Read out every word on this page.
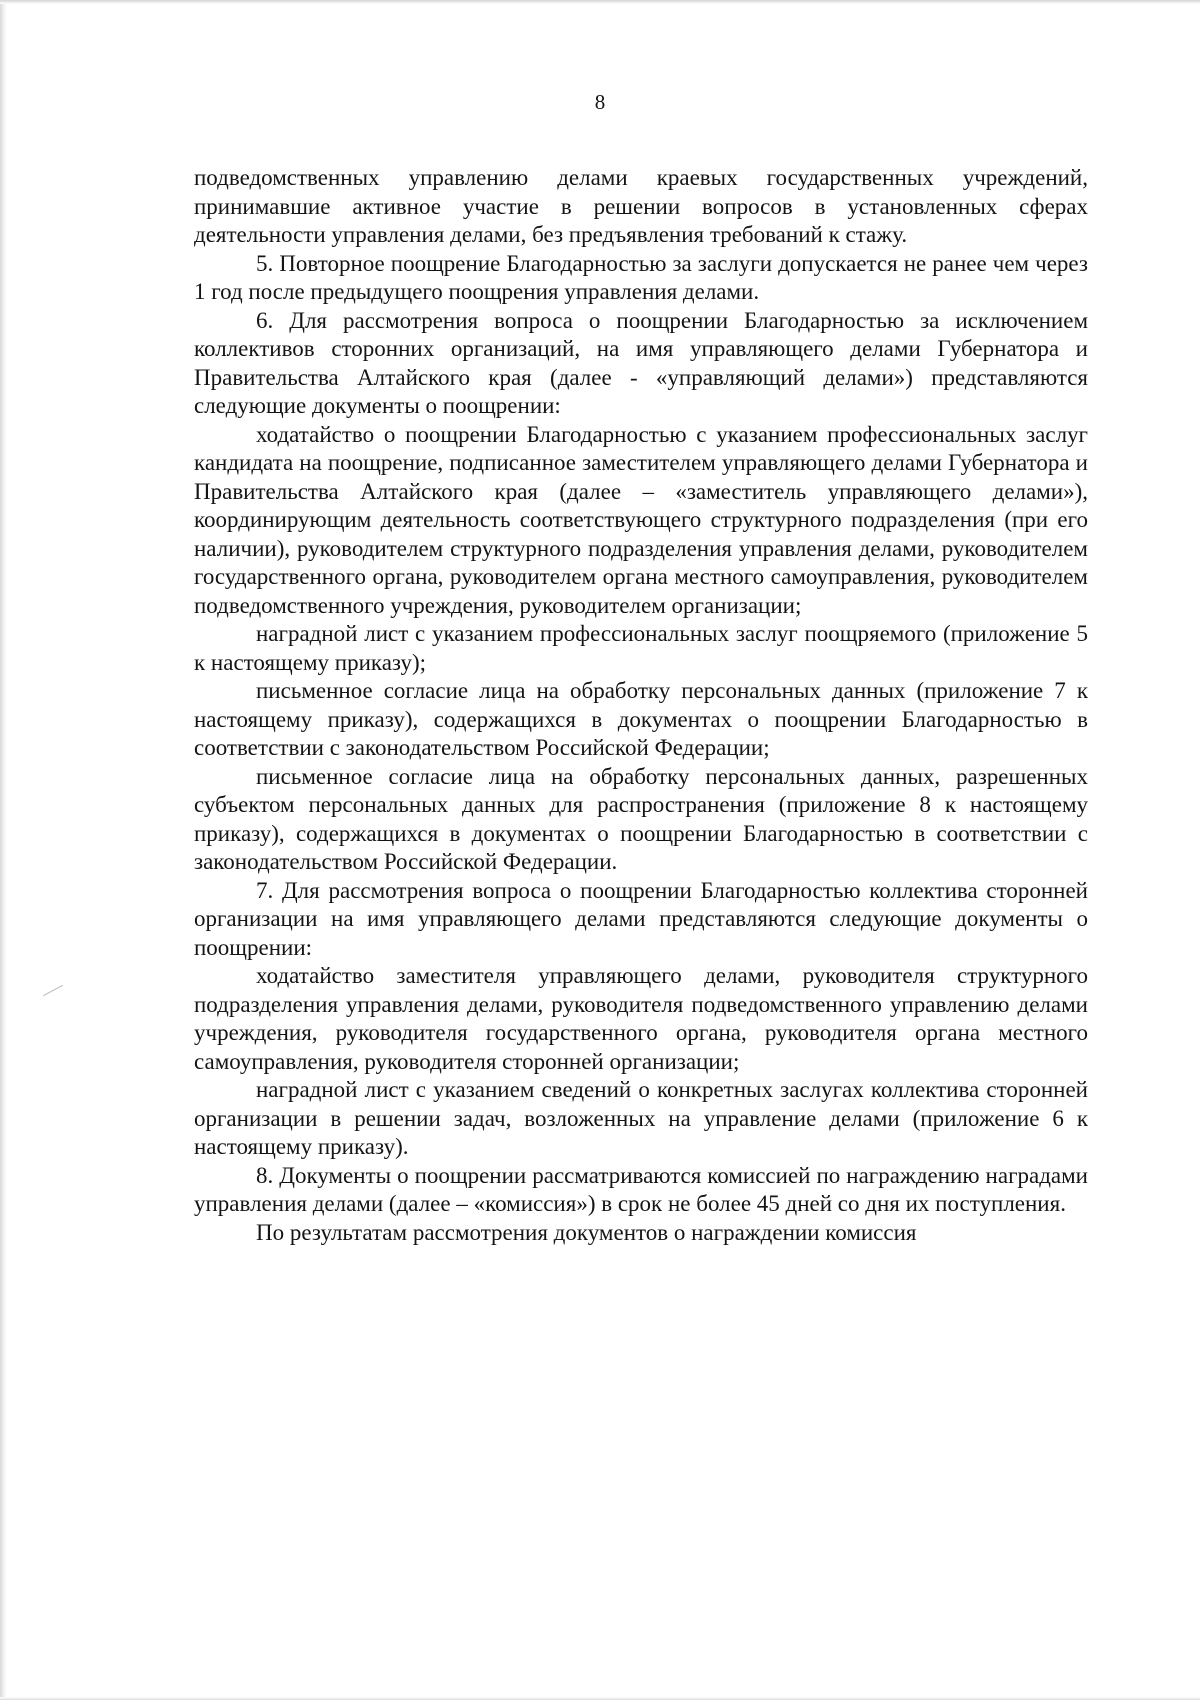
8

подведомственных управлению делами краевых государственных учреждений, принимавшие активное участие в решении вопросов в установленных сферах деятельности управления делами, без предъявления требований к стажу.

5. Повторное поощрение Благодарностью за заслуги допускается не ранее чем через 1 год после предыдущего поощрения управления делами.

6. Для рассмотрения вопроса о поощрении Благодарностью за исключением коллективов сторонних организаций, на имя управляющего делами Губернатора и Правительства Алтайского края (далее - «управляющий делами») представляются следующие документы о поощрении:

ходатайство о поощрении Благодарностью с указанием профессиональных заслуг кандидата на поощрение, подписанное заместителем управляющего делами Губернатора и Правительства Алтайского края (далее – «заместитель управляющего делами»), координирующим деятельность соответствующего структурного подразделения (при его наличии), руководителем структурного подразделения управления делами, руководителем государственного органа, руководителем органа местного самоуправления, руководителем подведомственного учреждения, руководителем организации;

наградной лист с указанием профессиональных заслуг поощряемого (приложение 5 к настоящему приказу);

письменное согласие лица на обработку персональных данных (приложение 7 к настоящему приказу), содержащихся в документах о поощрении Благодарностью в соответствии с законодательством Российской Федерации;

письменное согласие лица на обработку персональных данных, разрешенных субъектом персональных данных для распространения (приложение 8 к настоящему приказу), содержащихся в документах о поощрении Благодарностью в соответствии с законодательством Российской Федерации.

7. Для рассмотрения вопроса о поощрении Благодарностью коллектива сторонней организации на имя управляющего делами представляются следующие документы о поощрении:

ходатайство заместителя управляющего делами, руководителя структурного подразделения управления делами, руководителя подведомственного управлению делами учреждения, руководителя государственного органа, руководителя органа местного самоуправления, руководителя сторонней организации;

наградной лист с указанием сведений о конкретных заслугах коллектива сторонней организации в решении задач, возложенных на управление делами (приложение 6 к настоящему приказу).

8. Документы о поощрении рассматриваются комиссией по награждению наградами управления делами (далее – «комиссия») в срок не более 45 дней со дня их поступления.

По результатам рассмотрения документов о награждении комиссия
